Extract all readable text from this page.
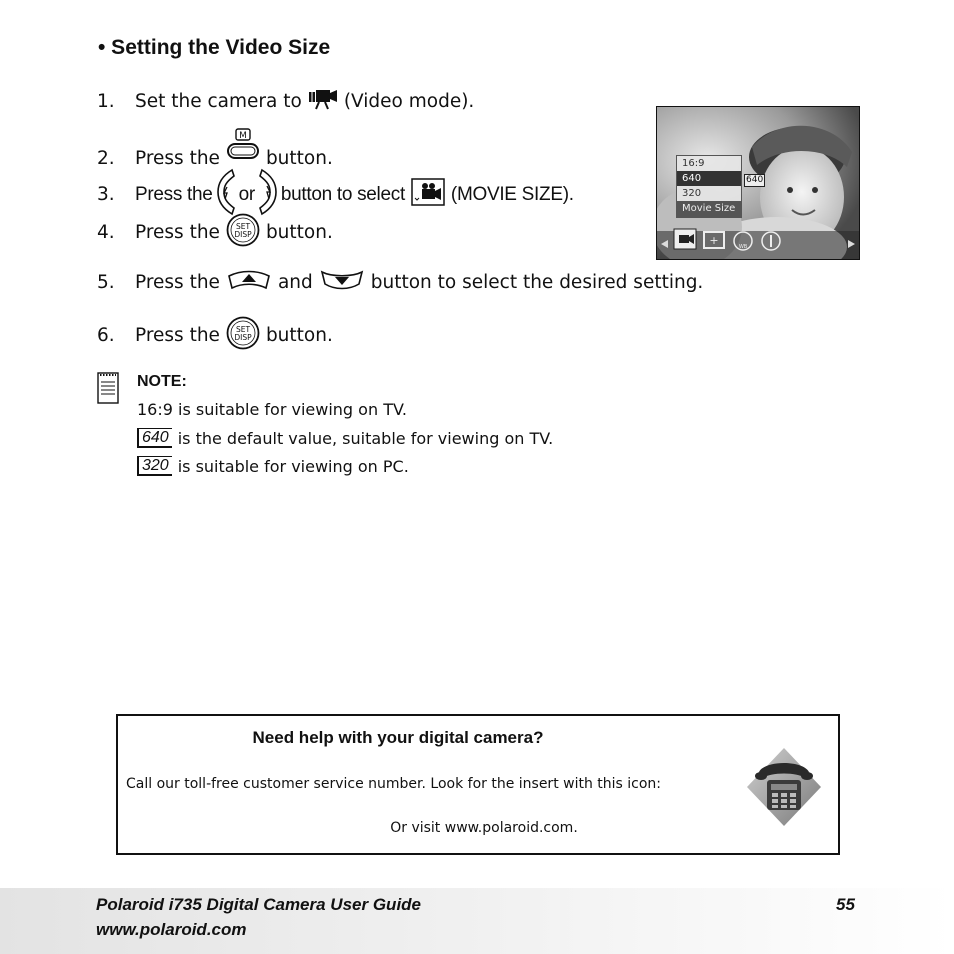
• Setting the Video Size
1.	Set the camera to (Video mode).
2.	Press the
M
button.
3.	Press the or button to select (MOVIE SIZE).
4.	Press the SET
DISP button.
5.	Press the	and	button to select the desired setting.
6.	Press the SET
DISP button.
+	WB
16:9
640
320
Movie Size
640
NOTE:
16:9 is suitable for viewing on TV.
640 is the default value, suitable for viewing on TV.
320 is suitable for viewing on PC.
Need help with your digital camera?
Call our toll-free customer service number. Look for the insert with this icon:
Or visit www.polaroid.com.
Polaroid i735 Digital Camera User Guide
www.polaroid.com
55
